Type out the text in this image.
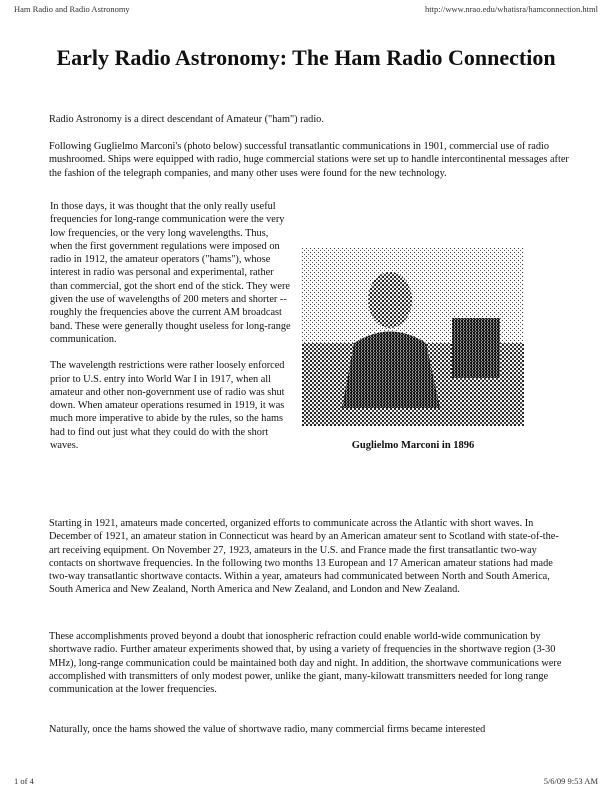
Ham Radio and Radio Astronomy	http://www.nrao.edu/whatisra/hamconnection.html
Early Radio Astronomy: The Ham Radio Connection

Radio Astronomy is a direct descendant of Amateur ("ham") radio.

Following Guglielmo Marconi's (photo below) successful transatlantic communications in 1901, commercial use of radio mushroomed. Ships were equipped with radio, huge commercial stations were set up to handle intercontinental messages after the fashion of the telegraph companies, and many other uses were found for the new technology.

In those days, it was thought that the only really useful frequencies for long-range communication were the very low frequencies, or the very long wavelengths. Thus, when the first government regulations were imposed on radio in 1912, the amateur operators ("hams"), whose interest in radio was personal and experimental, rather than commercial, got the short end of the stick. They were given the use of wavelengths of 200 meters and shorter -- roughly the frequencies above the current AM broadcast band. These were generally thought useless for long-range communication.

The wavelength restrictions were rather loosely enforced prior to U.S. entry into World War I in 1917, when all amateur and other non-government use of radio was shut down. When amateur operations resumed in 1919, it was much more imperative to abide by the rules, so the hams had to find out just what they could do with the short waves.	Guglielmo Marconi in 1896

Starting in 1921, amateurs made concerted, organized efforts to communicate across the Atlantic with short waves. In December of 1921, an amateur station in Connecticut was heard by an American amateur sent to Scotland with state-of-the-art receiving equipment. On November 27, 1923, amateurs in the U.S. and France made the first transatlantic two-way contacts on shortwave frequencies. In the following two months 13 European and 17 American amateur stations had made two-way transatlantic shortwave contacts. Within a year, amateurs had communicated between North and South America, South America and New Zealand, North America and New Zealand, and London and New Zealand.

These accomplishments proved beyond a doubt that ionospheric refraction could enable world-wide communication by shortwave radio. Further amateur experiments showed that, by using a variety of frequencies in the shortwave region (3-30 MHz), long-range communication could be maintained both day and night. In addition, the shortwave communications were accomplished with transmitters of only modest power, unlike the giant, many-kilowatt transmitters needed for long range communication at the lower frequencies.

Naturally, once the hams showed the value of shortwave radio, many commercial firms became interested

1 of 4	5/6/09 9:53 AM
